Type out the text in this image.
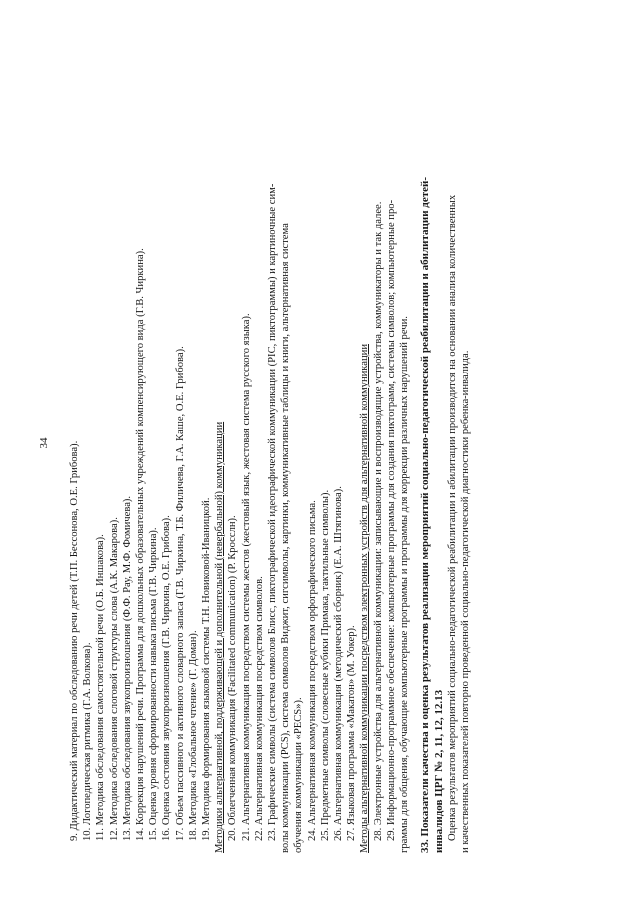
34 9. Дидактический материал по обследованию речи детей (Т.П. Бессонова, О.Е. Грибова). 10. Логопедическая ритмика (Г.А. Волкова). 11. Методика обследования самостоятельной речи (О.Б. Иншакова). 12. Методика обследования слоговой структуры слова (А.К. Макарова). 13. Методика обследования звукопроизношения (Ф.Ф. Рау, М.Ф. Фомичева). 14. Коррекция нарушений речи. Программа для дошкольных образовательных учреждений компенсирующего вида (Г.В. Чиркина). 15. Оценка уровня сформированности навыка письма (Г.В. Чиркина). 16. Оценка состояния звукопроизношения (Г.В. Чиркина, О.Е. Грибова). 17. Объем пассивного и активного словарного запаса (Г.В. Чиркина, Т.Б. Филичева, Г.А. Каше, О.Е. Грибова). 18. Методика «Глобальное чтение» (Г. Доман). 19. Методика формирования языковой системы Т.Н. Новиковой-Иваницкой. Методики альтернативной, поддерживающей и дополнительной (невербальной) коммуникации 20. Облегченная коммуникация (Facilitated communication) (Р. Кросслн). 21. Альтернативная коммуникация посредством системы жестов (жестовый язык, жестовая система русского языка). 22. Альтернативная коммуникация посредством символов. 23. Графические символы (система символов Блисс, пиктографической идеографической коммуникации (PIC, пиктограммы) и картиночные сим- волы коммуникации (PCS), система символов Виджит, сигсимволы, картинки, коммуникативные таблицы и книги, альтернативная система обучения коммуникации «PECS»). 24. Альтернативная коммуникация посредством орфографического письма. 25. Предметные символы (словесные кубики Примака, тактильные символы). 26. Альтернативная коммуникация (методический сборник) (Е.А. Штягинова). 27. Языковая программа «Макатон» (М. Уокер). Методы альтернативной коммуникации посредством электронных устройств для альтернативной коммуникации 28. Электронные устройства для альтернативной коммуникации: записывающие и воспроизводящие устройства, коммуникаторы и так далее. 29. Информационно-программное обеспечение: компьютерные программы для создания пиктограмм, системы символов; компьютерные про- граммы для общения, обучающие компьютерные программы и программы для коррекции различных нарушений речи. 33. Показатели качества и оценка результатов реализации мероприятий социально-педагогической реабилитации и абилитации детей- инвалидов ЦРГ № 2, 11, 12, 12.13 Оценка результатов мероприятий социально-педагогической реабилитации и абилитации производится на основании анализа количественных и качественных показателей повторно проведенной социально-педагогической диагностики ребенка-инвалида.
